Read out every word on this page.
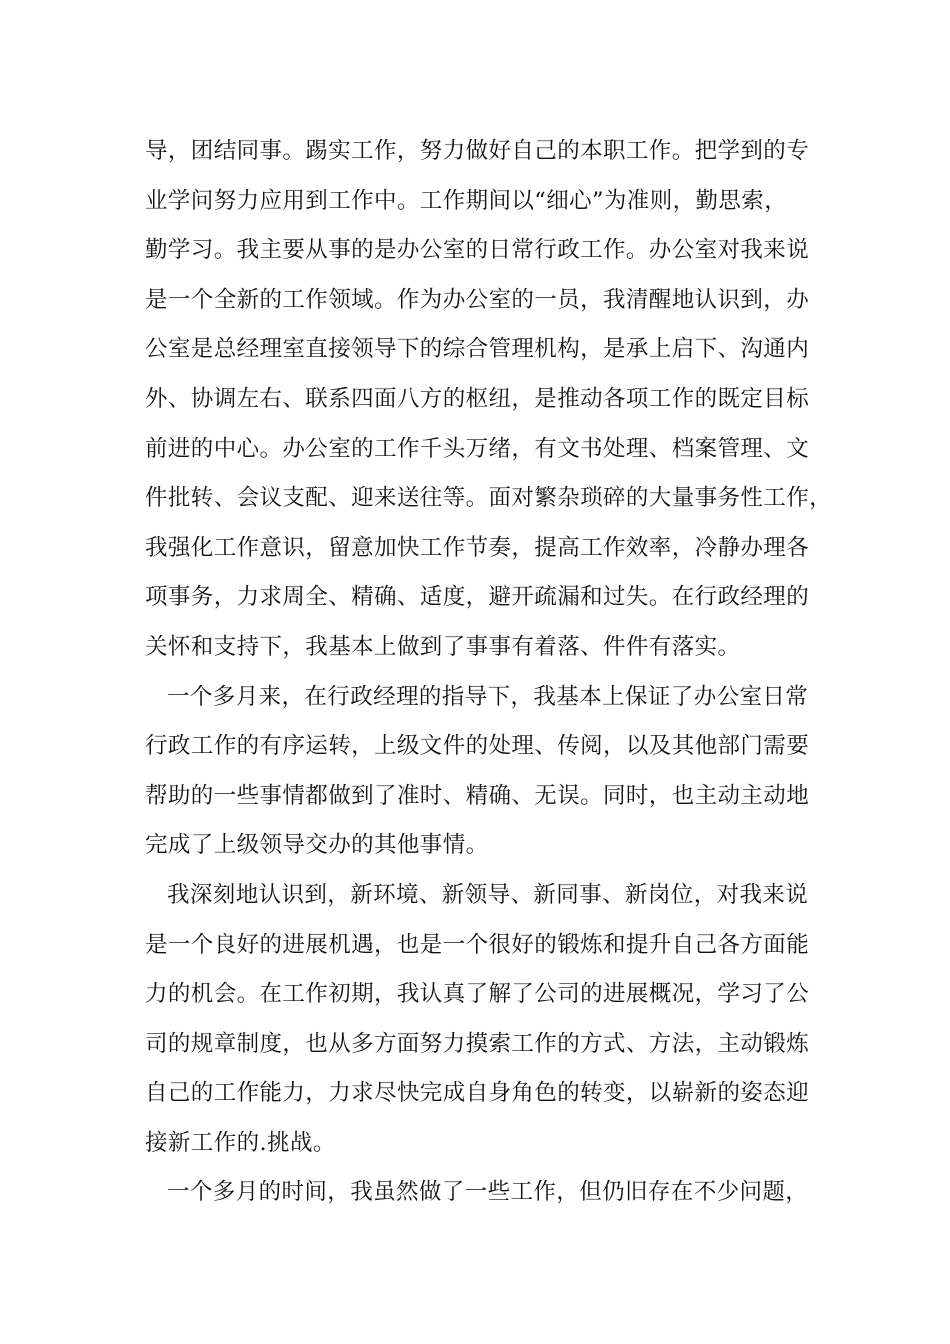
导，团结同事。踢实工作，努力做好自己的本职工作。把学到的专
业学问努力应用到工作中。工作期间以“细心”为准则，勤思索，
勤学习。我主要从事的是办公室的日常行政工作。办公室对我来说
是一个全新的工作领域。作为办公室的一员，我清醒地认识到，办
公室是总经理室直接领导下的综合管理机构，是承上启下、沟通内
外、协调左右、联系四面八方的枢纽，是推动各项工作的既定目标
前进的中心。办公室的工作千头万绪，有文书处理、档案管理、文
件批转、会议支配、迎来送往等。面对繁杂琐碎的大量事务性工作，
我强化工作意识，留意加快工作节奏，提高工作效率，冷静办理各
项事务，力求周全、精确、适度，避开疏漏和过失。在行政经理的
关怀和支持下，我基本上做到了事事有着落、件件有落实。
一个多月来，在行政经理的指导下，我基本上保证了办公室日常
行政工作的有序运转，上级文件的处理、传阅，以及其他部门需要
帮助的一些事情都做到了准时、精确、无误。同时，也主动主动地
完成了上级领导交办的其他事情。
我深刻地认识到，新环境、新领导、新同事、新岗位，对我来说
是一个良好的进展机遇，也是一个很好的锻炼和提升自己各方面能
力的机会。在工作初期，我认真了解了公司的进展概况，学习了公
司的规章制度，也从多方面努力摸索工作的方式、方法，主动锻炼
自己的工作能力，力求尽快完成自身角色的转变，以崭新的姿态迎
接新工作的.挑战。
一个多月的时间，我虽然做了一些工作，但仍旧存在不少问题，
